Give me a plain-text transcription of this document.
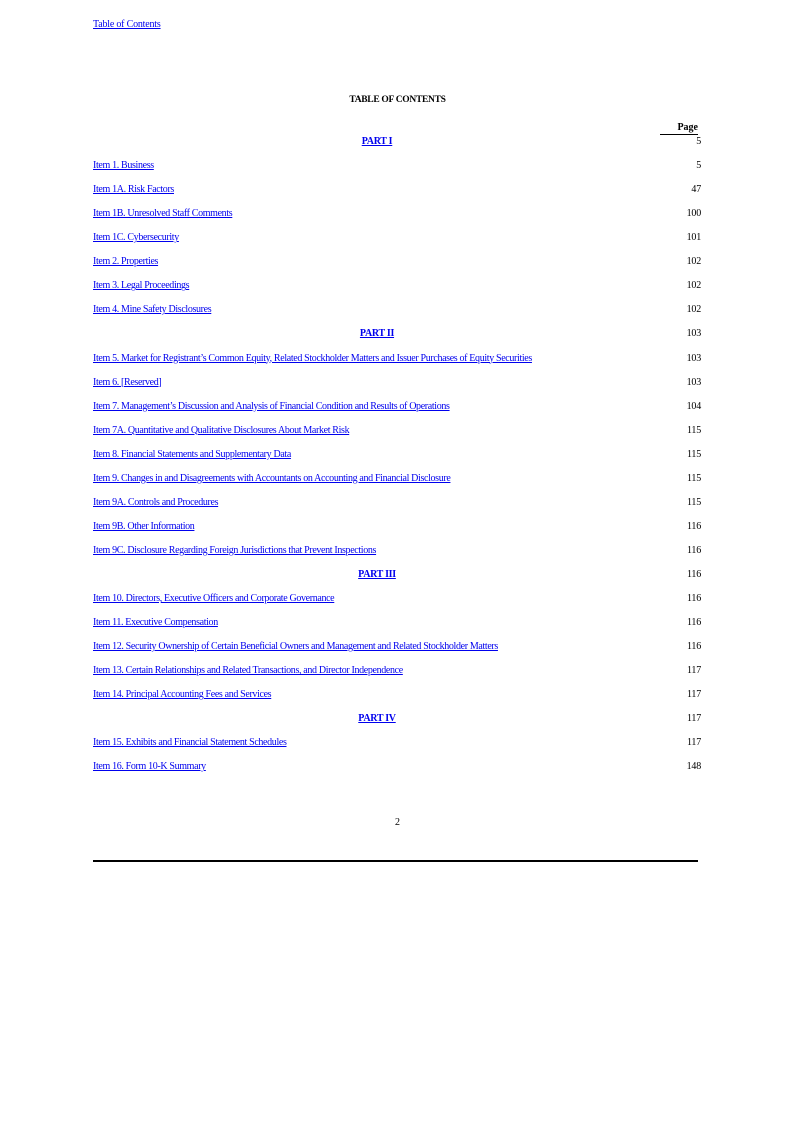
Table of Contents
TABLE OF CONTENTS
Page
PART I	5
Item 1. Business	5
Item 1A. Risk Factors	47
Item 1B. Unresolved Staff Comments	100
Item 1C. Cybersecurity	101
Item 2. Properties	102
Item 3. Legal Proceedings	102
Item 4. Mine Safety Disclosures	102
PART II	103
Item 5. Market for Registrant’s Common Equity, Related Stockholder Matters and Issuer Purchases of Equity Securities	103
Item 6. [Reserved]	103
Item 7. Management’s Discussion and Analysis of Financial Condition and Results of Operations	104
Item 7A. Quantitative and Qualitative Disclosures About Market Risk	115
Item 8. Financial Statements and Supplementary Data	115
Item 9. Changes in and Disagreements with Accountants on Accounting and Financial Disclosure	115
Item 9A. Controls and Procedures	115
Item 9B. Other Information	116
Item 9C. Disclosure Regarding Foreign Jurisdictions that Prevent Inspections	116
PART III	116
Item 10. Directors, Executive Officers and Corporate Governance	116
Item 11. Executive Compensation	116
Item 12. Security Ownership of Certain Beneficial Owners and Management and Related Stockholder Matters	116
Item 13. Certain Relationships and Related Transactions, and Director Independence	117
Item 14. Principal Accounting Fees and Services	117
PART IV	117
Item 15. Exhibits and Financial Statement Schedules	117
Item 16. Form 10-K Summary	148
2
